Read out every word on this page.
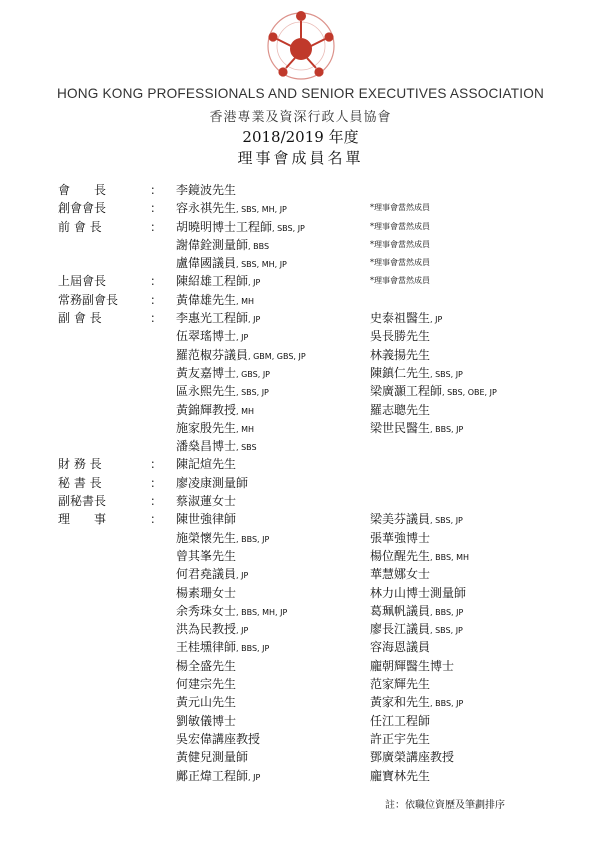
HONG KONG PROFESSIONALS AND SENIOR EXECUTIVES ASSOCIATION
香港專業及資深行政人員協會
2018/2019 年度
理事會成員名單
會　　長	： 李鏡波先生
創會會長	： 容永祺先生, SBS, MH, JP	*理事會當然成員
前 會 長	： 胡曉明博士工程師, SBS, JP	*理事會當然成員
謝偉銓測量師, BBS	*理事會當然成員
盧偉國議員, SBS, MH, JP	*理事會當然成員
上屆會長	： 陳紹雄工程師, JP	*理事會當然成員
常務副會長	： 黃偉雄先生, MH
副 會 長	： 李惠光工程師, JP	史泰祖醫生, JP
伍翠瑤博士, JP	吳長勝先生
羅范椒芬議員, GBM, GBS, JP	林義揚先生
黃友嘉博士, GBS, JP	陳鎮仁先生, SBS, JP
區永熙先生, SBS, JP	梁廣灝工程師, SBS, OBE, JP
黃錦輝教授, MH	羅志聰先生
施家殷先生, MH	梁世民醫生, BBS, JP
潘燊昌博士, SBS
財 務 長	： 陳記煊先生
秘 書 長	： 廖凌康測量師
副秘書長	： 蔡淑蓮女士
理　　事	： 陳世強律師	梁美芬議員, SBS, JP
施榮懷先生, BBS, JP	張華強博士
曾其峯先生	楊位醒先生, BBS, MH
何君堯議員, JP	華慧娜女士
楊素珊女士	林力山博士測量師
余秀珠女士, BBS, MH, JP	葛珮帆議員, BBS, JP
洪為民教授, JP	廖長江議員, SBS, JP
王桂壎律師, BBS, JP	容海恩議員
楊全盛先生	龐朝輝醫生博士
何建宗先生	范家輝先生
黃元山先生	黃家和先生, BBS, JP
劉敏儀博士	任江工程師
吳宏偉講座教授	許正宇先生
黃健兒測量師	鄧廣榮講座教授
鄺正煒工程師, JP	龐寶林先生
註：依職位資歷及筆劃排序
